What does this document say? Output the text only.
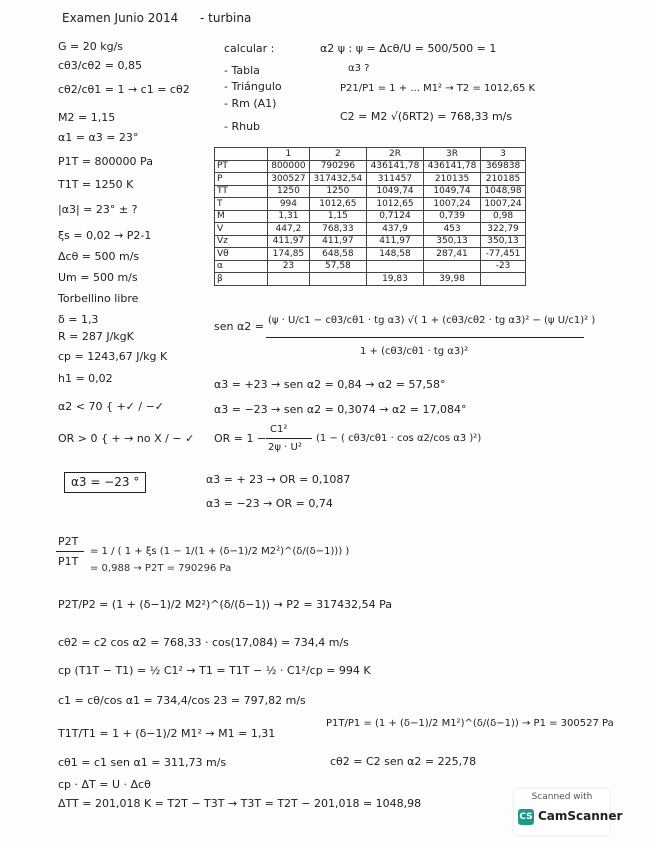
Examen Junio 2014 - turbina
G = 20 kg/s
cθ3/cθ2 = 0,85
cθ2/cθ1 = 1 → c1 = cθ2
M2 = 1,15
α1 = α3 = 23°
P1T = 800000 Pa
T1T = 1250 K
|α3| = 23° ± ?
ξs = 0,02 → P2-1
Δcθ = 500 m/s
Um = 500 m/s
Torbellino libre
δ = 1,3
R = 287 J/kgK
cp = 1243,67 J/kg K
h1 = 0,02
calcular :
- Tabla
- Triángulo
- Rm (A1)
- Rhub
α2 ψ : ψ = Δcθ/U = 500/500 = 1
α3 ?
P21/P1 = 1 + ... M1² → T2 = 1012,65 K
C2 = M2 √(δRT2) = 768,33 m/s
	1	2	2R	3R	3
PT	800000	790296	436141,78	436141,78	369838
P	300527	317432,54	311457	210135	210185
TT	1250	1250	1049,74	1049,74	1048,98
T	994	1012,65	1012,65	1007,24	1007,24
M	1,31	1,15	0,7124	0,739	0,98
V	447,2	768,33	437,9	453	322,79
Vz	411,97	411,97	411,97	350,13	350,13
Vθ	174,85	648,58	148,58	287,41	-77,451
α	23	57,58			-23
β			19,83	39,98	
sen α2 = (ψ · U/c1 − cθ3/cθ1 · tg α3) √( 1 + (cθ3/cθ2 · tg α3)² − (ψ U/c1)² )
1 + (cθ3/cθ1 · tg α3)²
α3 = +23 → sen α2 = 0,84 → α2 = 57,58°
α3 = −23 → sen α2 = 0,3074 → α2 = 17,084°
α2 < 70 { +✓ / −✓
OR > 0 { + → no X / − ✓ OR = 1 −
C1²
2ψ · U²
(1 − ( cθ3/cθ1 · cos α2/cos α3 )²)
α3 = + 23 → OR = 0,1087
α3 = −23 → OR = 0,74
α3 = −23 °
P2T
P1T
= 1 / ( 1 + ξs (1 − 1/(1 + (δ−1)/2 M2²)^(δ/(δ−1))) )
= 0,988 → P2T = 790296 Pa
P2T/P2 = (1 + (δ−1)/2 M2²)^(δ/(δ−1)) → P2 = 317432,54 Pa
cθ2 = c2 cos α2 = 768,33 · cos(17,084) = 734,4 m/s
cp (T1T − T1) = ½ C1² → T1 = T1T − ½ · C1²/cp = 994 K
c1 = cθ/cos α1 = 734,4/cos 23 = 797,82 m/s
T1T/T1 = 1 + (δ−1)/2 M1² → M1 = 1,31
P1T/P1 = (1 + (δ−1)/2 M1²)^(δ/(δ−1)) → P1 = 300527 Pa
cθ1 = c1 sen α1 = 311,73 m/s	cθ2 = C2 sen α2 = 225,78
cp · ΔT = U · Δcθ
ΔTT = 201,018 K = T2T − T3T → T3T = T2T − 201,018 = 1048,98	Scanned with
CS CamScanner
